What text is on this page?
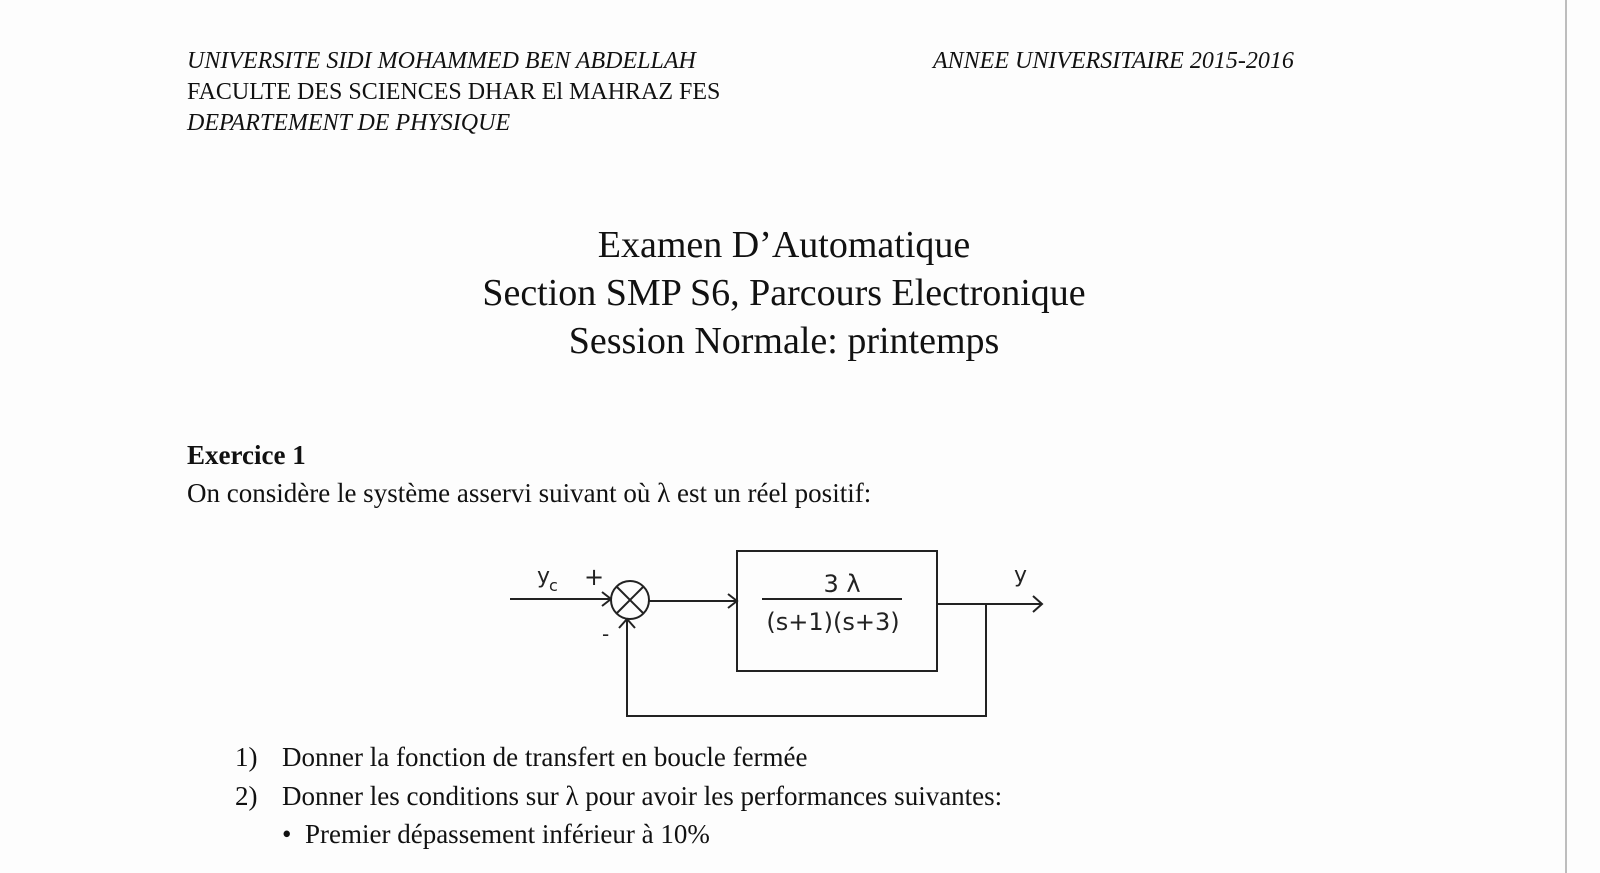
UNIVERSITE SIDI MOHAMMED BEN ABDELLAH
FACULTE DES SCIENCES DHAR El MAHRAZ FES
DEPARTEMENT DE PHYSIQUE
ANNEE UNIVERSITAIRE 2015-2016
Examen D’Automatique
Section SMP S6, Parcours Electronique
Session Normale: printemps
Exercice 1
On considère le système asservi suivant où λ est un réel positif:
y
c +
-
y
3 λ
(s+1)(s+3)
1) Donner la fonction de transfert en boucle fermée
2) Donner les conditions sur λ pour avoir les performances suivantes:
• Premier dépassement inférieur à 10%
